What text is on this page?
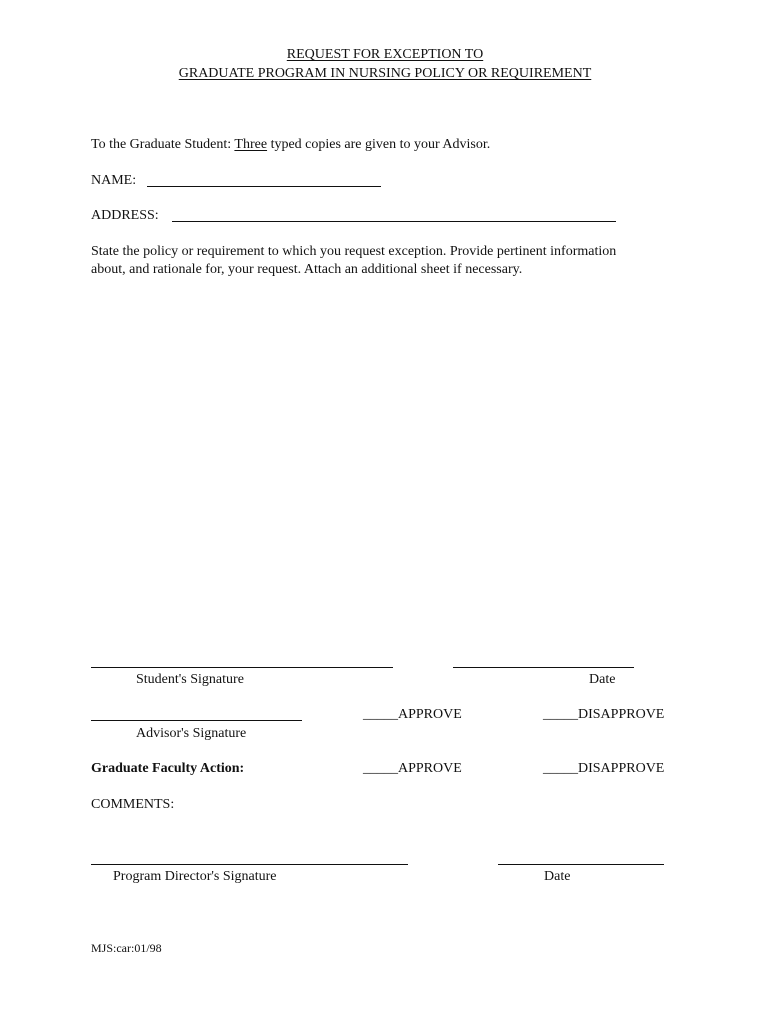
REQUEST FOR EXCEPTION TO
GRADUATE PROGRAM IN NURSING POLICY OR REQUIREMENT
To the Graduate Student: Three typed copies are given to your Advisor.
NAME:
ADDRESS:
State the policy or requirement to which you request exception. Provide pertinent information
about, and rationale for, your request. Attach an additional sheet if necessary.
Student's Signature	Date
_____APPROVE	_____DISAPPROVE
Advisor's Signature
Graduate Faculty Action:	_____APPROVE	_____DISAPPROVE
COMMENTS:
Program Director's Signature	Date
MJS:car:01/98
